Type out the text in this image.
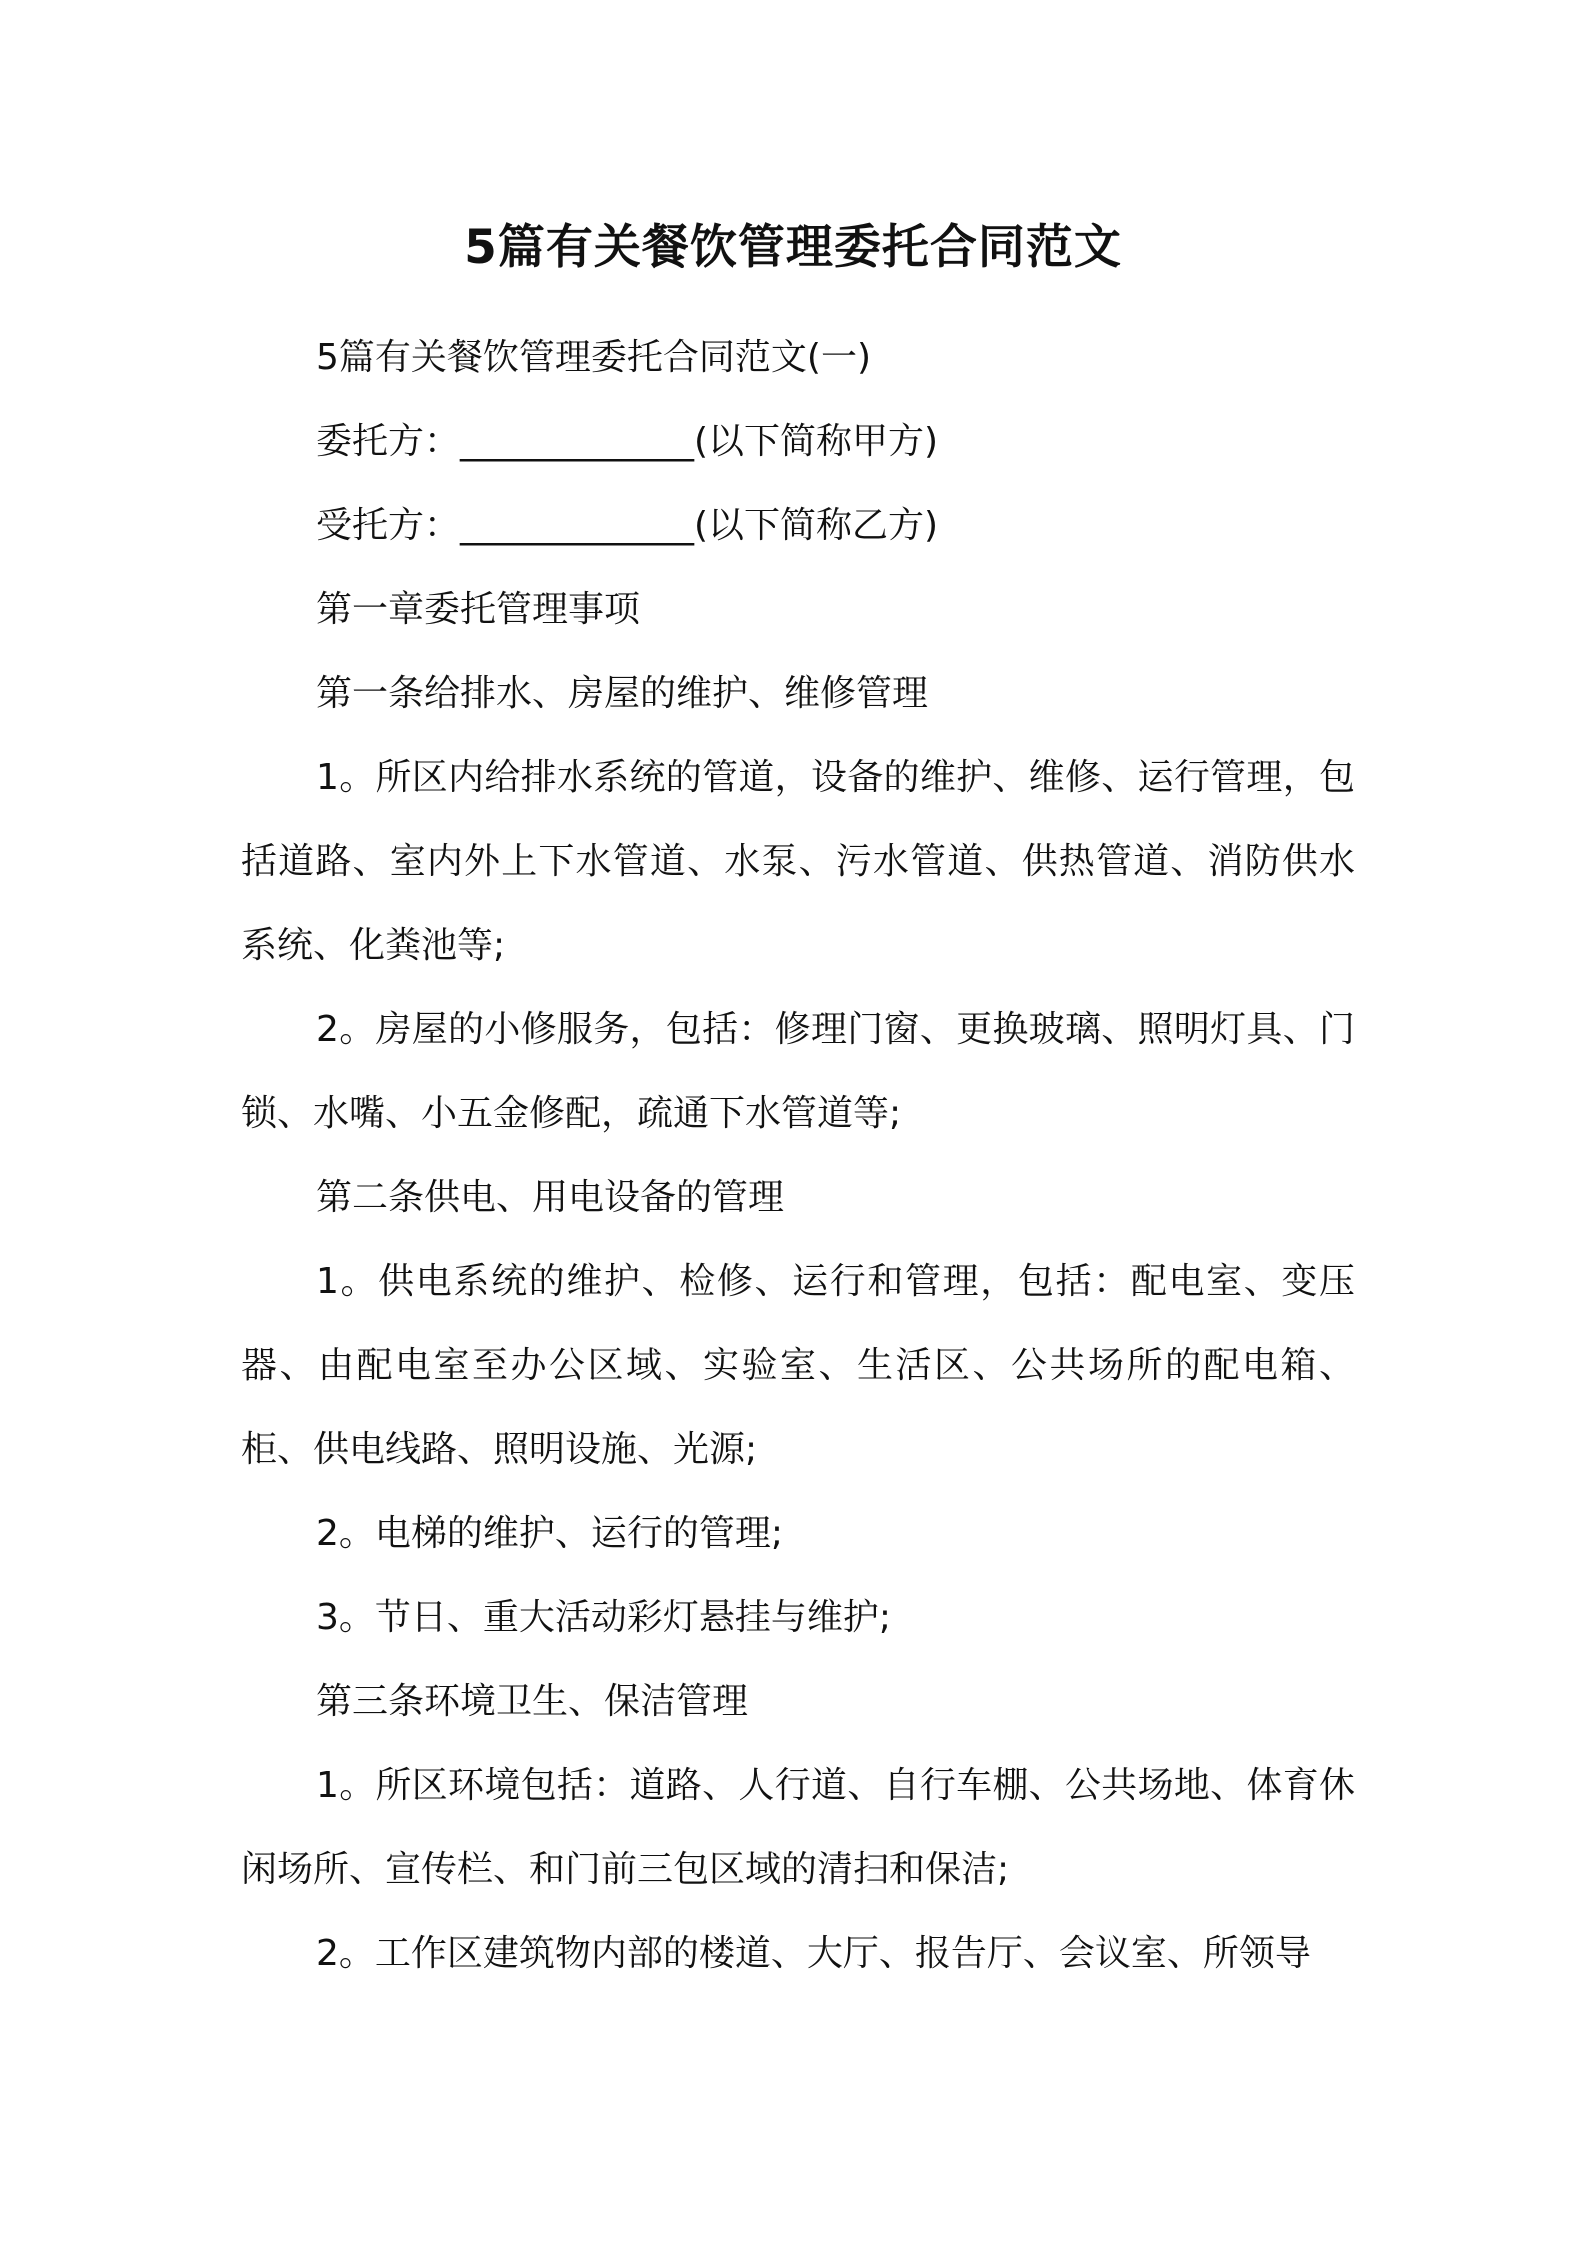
5篇有关餐饮管理委托合同范文

5篇有关餐饮管理委托合同范文(一)

委托方：_____________(以下简称甲方)

受托方：_____________(以下简称乙方)

第一章委托管理事项

第一条给排水、房屋的维护、维修管理

1。所区内给排水系统的管道，设备的维护、维修、运行管理，包括道路、室内外上下水管道、水泵、污水管道、供热管道、消防供水系统、化粪池等;

2。房屋的小修服务，包括：修理门窗、更换玻璃、照明灯具、门锁、水嘴、小五金修配，疏通下水管道等;

第二条供电、用电设备的管理

1。供电系统的维护、检修、运行和管理，包括：配电室、变压器、由配电室至办公区域、实验室、生活区、公共场所的配电箱、柜、供电线路、照明设施、光源;

2。电梯的维护、运行的管理;

3。节日、重大活动彩灯悬挂与维护;

第三条环境卫生、保洁管理

1。所区环境包括：道路、人行道、自行车棚、公共场地、体育休闲场所、宣传栏、和门前三包区域的清扫和保洁;

2。工作区建筑物内部的楼道、大厅、报告厅、会议室、所领导
